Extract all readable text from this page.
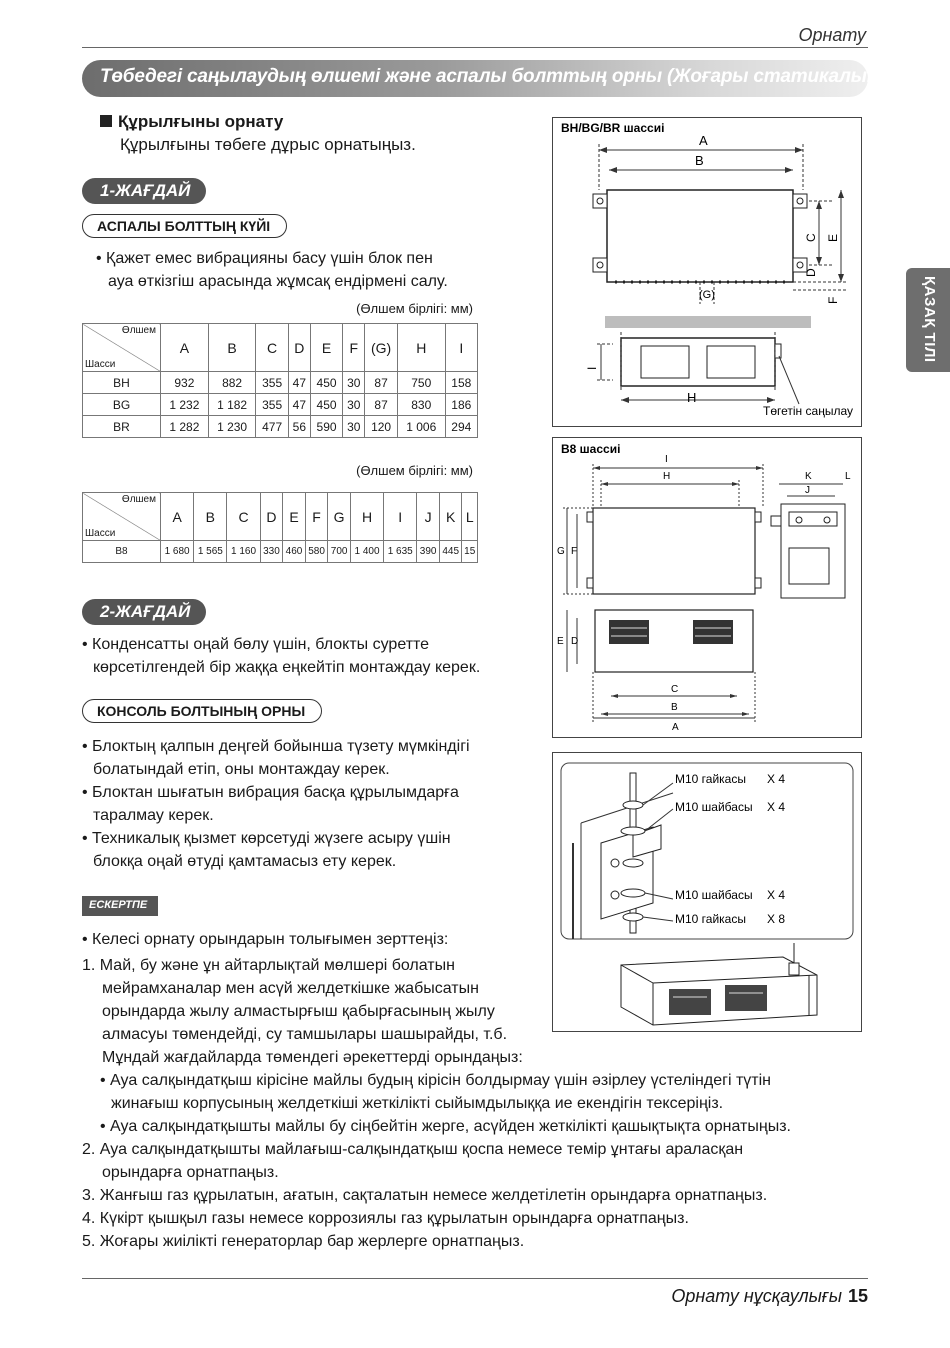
Орнату
Төбедегі саңылаудың өлшемі және аспалы болттың орны (Жоғары статикалық)
ҚАЗАҚ ТІЛІ
Құрылғыны орнату
Құрылғыны төбеге дұрыс орнатыңыз.
1-ЖАҒДАЙ
АСПАЛЫ БОЛТТЫҢ КҮЙІ
• Қажет емес вибрацияны басу үшін блок пен
ауа өткізгіш арасында жұмсақ ендірмені салу.
(Өлшем бірлігі: мм)
Өлшем
Шасси	A	B	C	D	E	F	(G)	H	I
BH	932	882	355	47	450	30	87	750	158
BG	1 232	1 182	355	47	450	30	87	830	186
BR	1 282	1 230	477	56	590	30	120	1 006	294
(Өлшем бірлігі: мм)
Өлшем
Шасси	A	B	C	D	E	F	G	H	I	J	K	L
B8	1 680	1 565	1 160	330	460	580	700	1 400	1 635	390	445	15
2-ЖАҒДАЙ
• Конденсатты оңай бөлу үшін, блокты суретте
көрсетілгендей бір жаққа еңкейтіп монтаждау керек.
КОНСОЛЬ БОЛТЫНЫҢ ОРНЫ
• Блоктың қалпын деңгей бойынша түзету мүмкіндігі
болатындай етіп, оны монтаждау керек.
• Блоктан шығатын вибрация басқа құрылымдарға
таралмау керек.
• Техникалық қызмет көрсетуді жүзеге асыру үшін
блокқа оңай өтуді қамтамасыз ету керек.
ЕСКЕРТПЕ
• Келесі орнату орындарын толығымен зерттеңіз:
1. Май, бу және ұн айтарлықтай мөлшері болатын
мейрамханалар мен асүй желдеткішке жабысатын
орындарда жылу алмастырғыш қабырғасының жылу
алмасуы төмендейді, су тамшылары шашырайды, т.б.
Мұндай жағдайларда төмендегі әрекеттерді орындаңыз:
• Ауа салқындатқыш кірісіне майлы будың кірісін болдырмау үшін әзірлеу үстеліндегі түтін
жинағыш корпусының желдеткіші жеткілікті сыйымдылыққа ие екендігін тексеріңіз.
• Ауа салқындатқышты майлы бу сіңбейтін жерге, асүйден жеткілікті қашықтықта орнатыңыз.
2. Ауа салқындатқышты майлағыш-салқындатқыш қоспа немесе темір ұнтағы араласқан
орындарға орнатпаңыз.
3. Жанғыш газ құрылатын, ағатын, сақталатын немесе желдетілетін орындарға орнатпаңыз.
4. Күкірт қышқыл газы немесе коррозиялы газ құрылатын орындарға орнатпаңыз.
5. Жоғары жиілікті генераторлар бар жерлерге орнатпаңыз.
BH/BG/BR шассиі
A
B
C
D
E
F
(G)
I
H
Төгетін саңылау
B8 шассиі
I
H
G F
K	L
J
E D
C
B
A
M10 гайкасы X 4
M10 шайбасы X 4
M10 шайбасы X 4
M10 гайкасы X 8
Орнату нұсқаулығы 15
